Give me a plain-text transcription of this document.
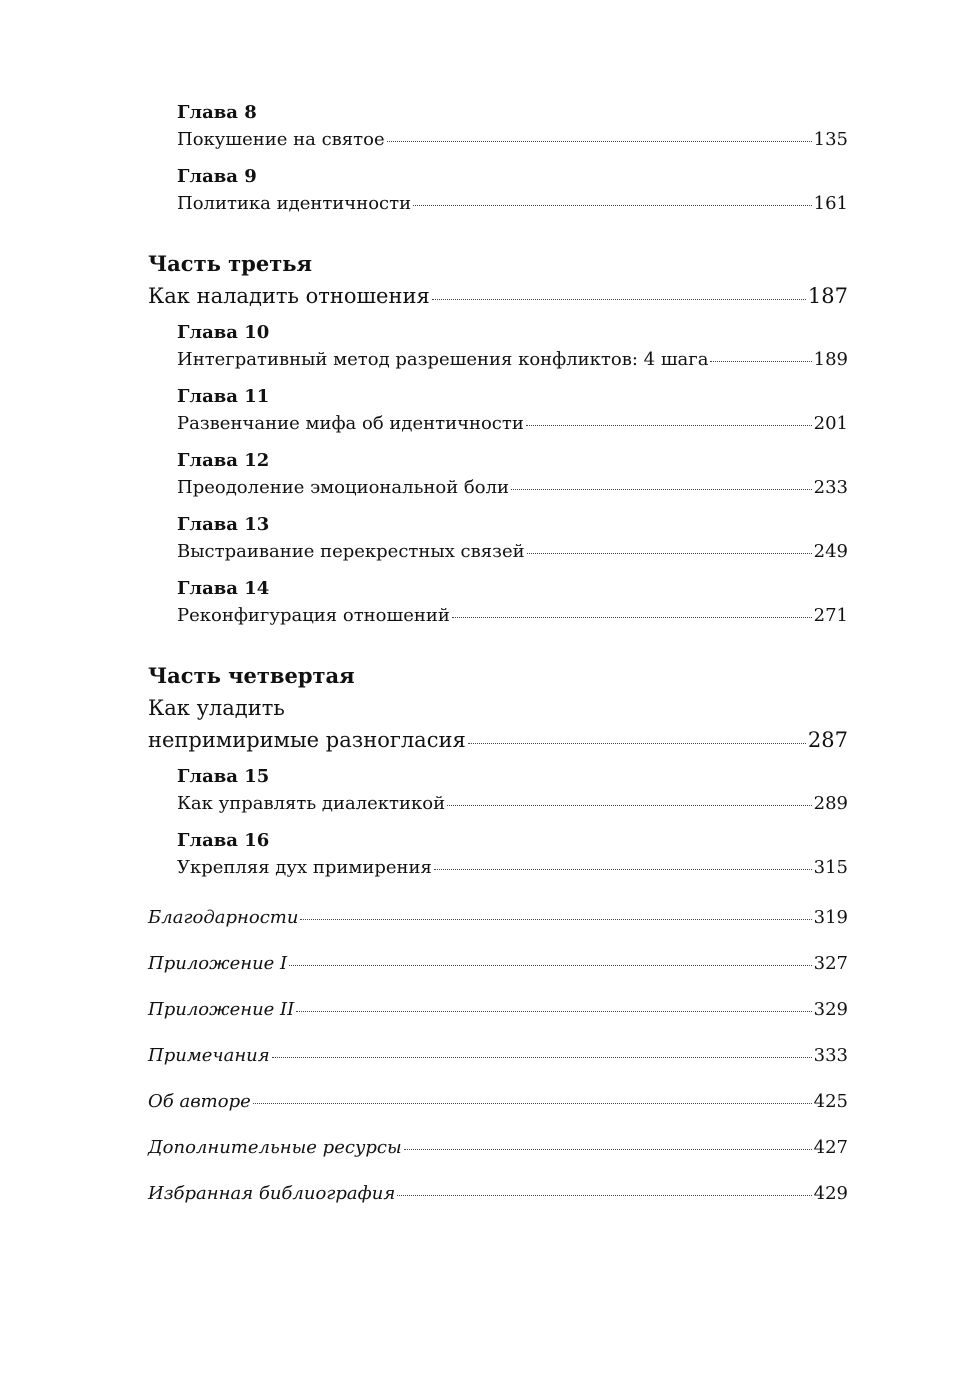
Глава 8
Покушение на святое	135
Глава 9
Политика идентичности	161
Часть третья
Как наладить отношения	187
Глава 10
Интегративный метод разрешения конфликтов: 4 шага	189
Глава 11
Развенчание мифа об идентичности	201
Глава 12
Преодоление эмоциональной боли	233
Глава 13
Выстраивание перекрестных связей	249
Глава 14
Реконфигурация отношений	271
Часть четвертая
Как уладить
непримиримые разногласия	287
Глава 15
Как управлять диалектикой	289
Глава 16
Укрепляя дух примирения	315
Благодарности	319
Приложение I	327
Приложение II	329
Примечания	333
Об авторе	425
Дополнительные ресурсы	427
Избранная библиография	429
